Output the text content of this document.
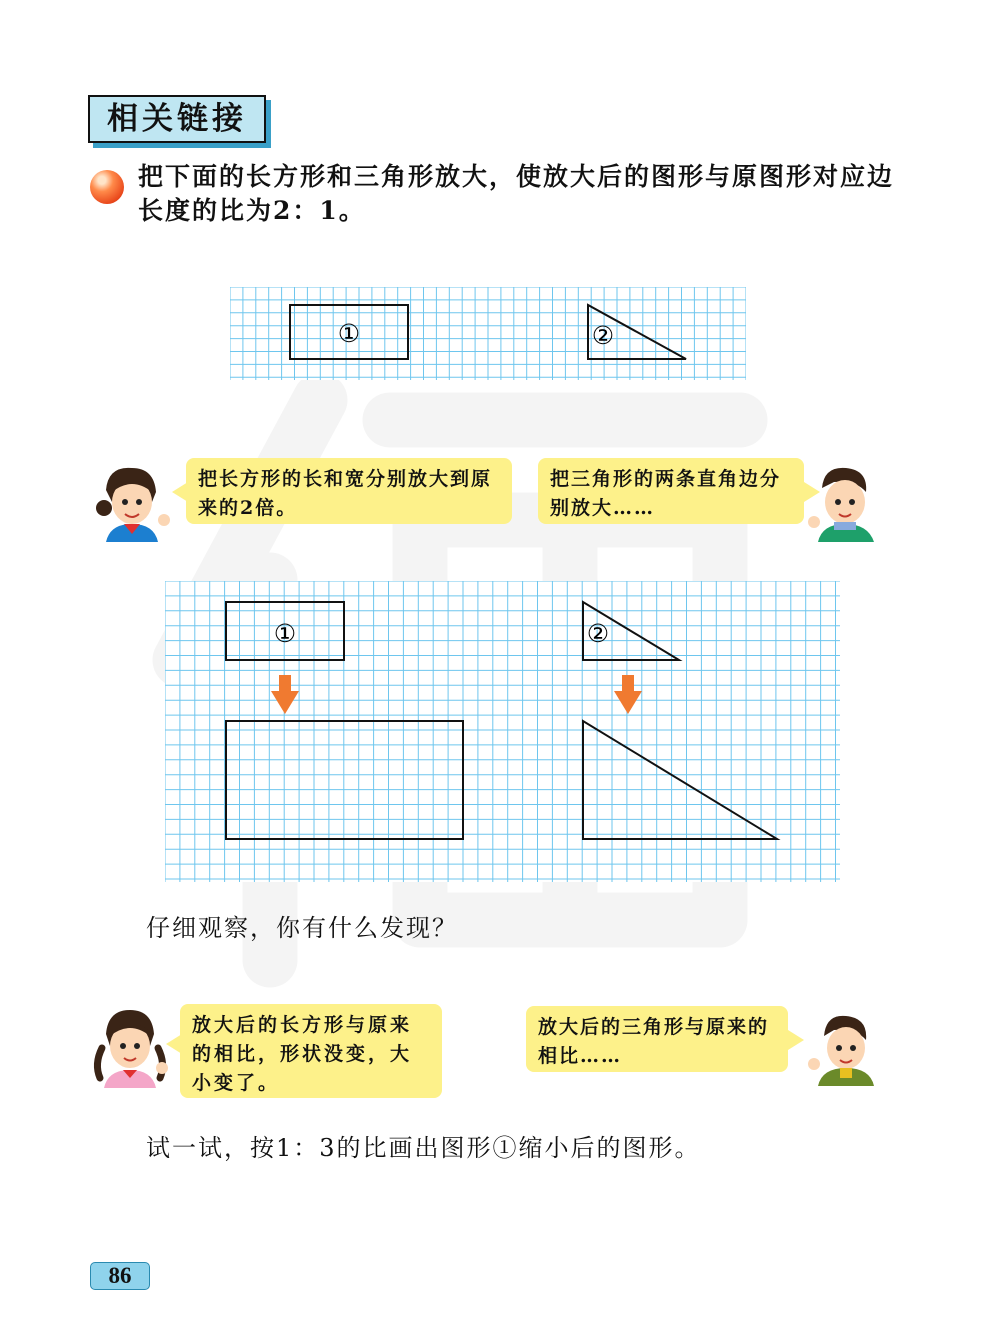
相关链接
把下面的长方形和三角形放大，使放大后的图形与原图形对应边长度的比为2：1。
①	②
把长方形的长和宽分别放大到原来的2倍。
把三角形的两条直角边分别放大……
①	②
仔细观察，你有什么发现？
放大后的长方形与原来的相比，形状没变，大小变了。
放大后的三角形与原来的相比……
试一试，按1：3的比画出图形①缩小后的图形。
86
